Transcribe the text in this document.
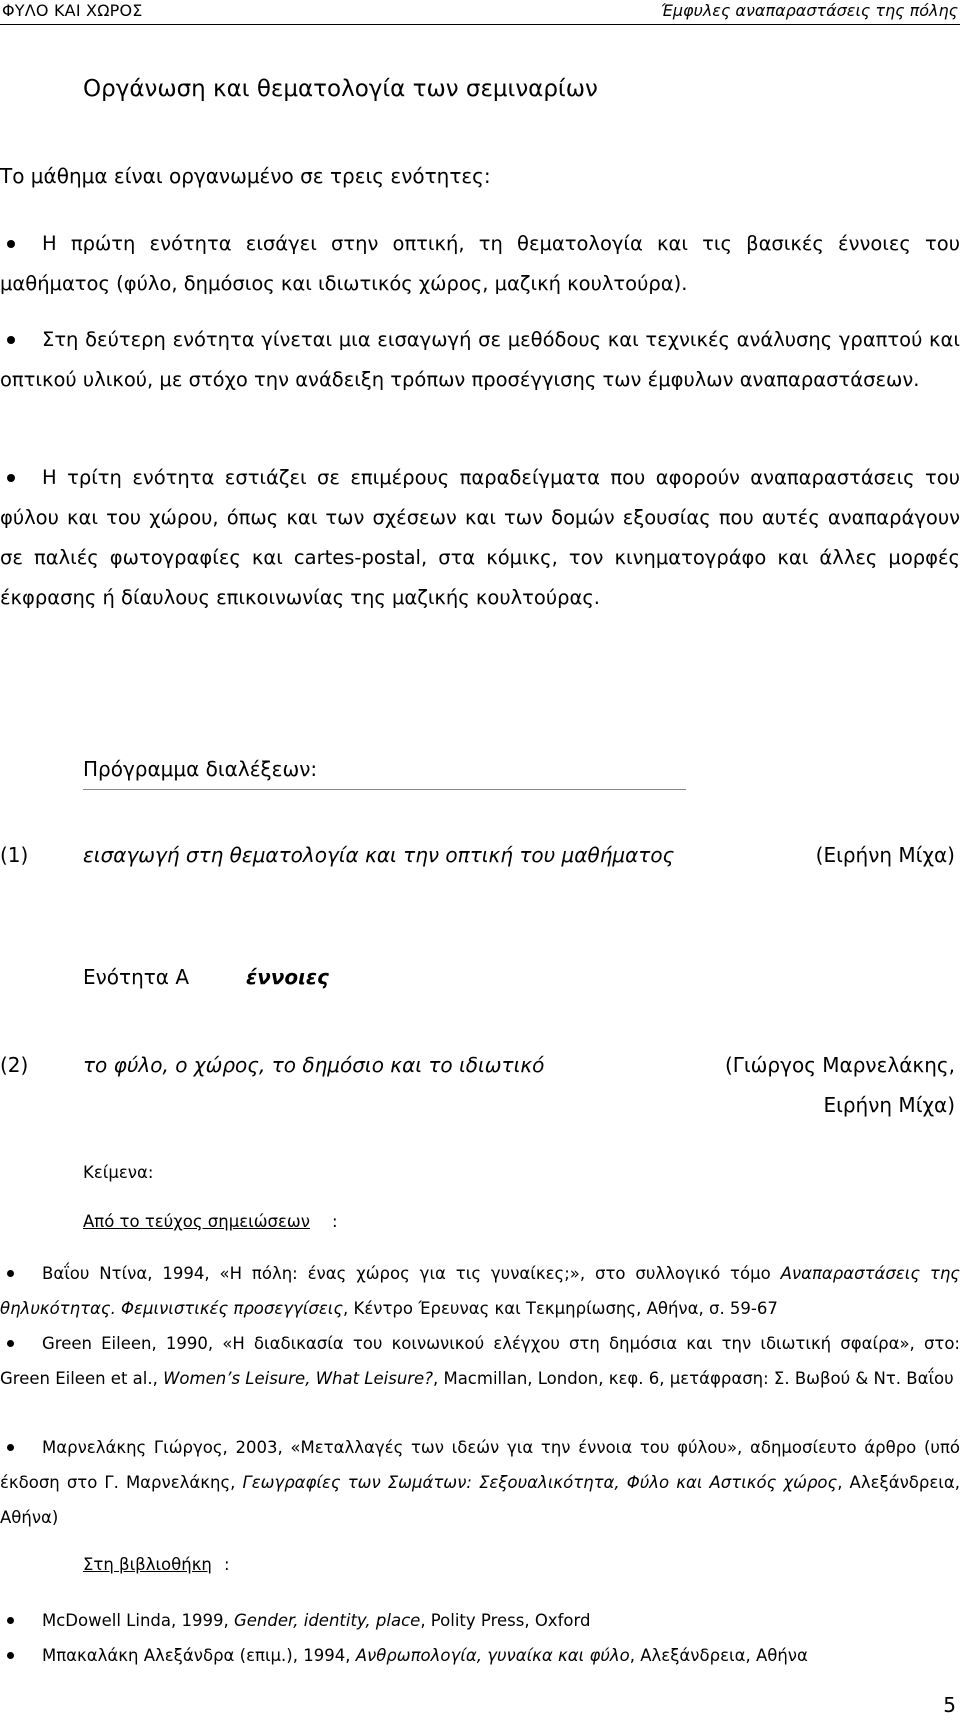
ΦΥΛΟ ΚΑΙ ΧΩΡΟΣ	Έμφυλες αναπαραστάσεις της πόλης
Οργάνωση και θεματολογία των σεμιναρίων
Το μάθημα είναι οργανωμένο σε τρεις ενότητες:
Η πρώτη ενότητα εισάγει στην οπτική, τη θεματολογία και τις βασικές έννοιες του μαθήματος (φύλο, δημόσιος και ιδιωτικός χώρος, μαζική κουλτούρα).
Στη δεύτερη ενότητα γίνεται μια εισαγωγή σε μεθόδους και τεχνικές ανάλυσης γραπτού και οπτικού υλικού, με στόχο την ανάδειξη τρόπων προσέγγισης των έμφυλων αναπαραστάσεων.
Η τρίτη ενότητα εστιάζει σε επιμέρους παραδείγματα που αφορούν αναπαραστάσεις του φύλου και του χώρου, όπως και των σχέσεων και των δομών εξουσίας που αυτές αναπαράγουν σε παλιές φωτογραφίες και cartes-postal, στα κόμικς, τον κινηματογράφο και άλλες μορφές έκφρασης ή δίαυλους επικοινωνίας της μαζικής κουλτούρας.
Πρόγραμμα διαλέξεων:
(1)	εισαγωγή στη θεματολογία και την οπτική του μαθήματος	(Ειρήνη Μίχα)
Ενότητα Α	έννοιες
(2)	το φύλο, ο χώρος, το δημόσιο και το ιδιωτικό	(Γιώργος Μαρνελάκης,
Ειρήνη Μίχα)
Κείμενα:
Από το τεύχος σημειώσεων :
Βαΐου Ντίνα, 1994, «Η πόλη: ένας χώρος για τις γυναίκες;», στο συλλογικό τόμο Αναπαραστάσεις της θηλυκότητας. Φεμινιστικές προσεγγίσεις, Κέντρο Έρευνας και Τεκμηρίωσης, Αθήνα, σ. 59-67
Green Eileen, 1990, «Η διαδικασία του κοινωνικού ελέγχου στη δημόσια και την ιδιωτική σφαίρα», στο: Green Eileen et al., Women’s Leisure, What Leisure?, Macmillan, London, κεφ. 6, μετάφραση: Σ. Βωβού & Ντ. Βαΐου
Μαρνελάκης Γιώργος, 2003, «Μεταλλαγές των ιδεών για την έννοια του φύλου», αδημοσίευτο άρθρο (υπό έκδοση στο Γ. Μαρνελάκης, Γεωγραφίες των Σωμάτων: Σεξουαλικότητα, Φύλο και Αστικός χώρος, Αλεξάνδρεια, Αθήνα)
Στη βιβλιοθήκη :
McDowell Linda, 1999, Gender, identity, place, Polity Press, Oxford
Μπακαλάκη Αλεξάνδρα (επιμ.), 1994, Ανθρωπολογία, γυναίκα και φύλο, Αλεξάνδρεια, Αθήνα
5
